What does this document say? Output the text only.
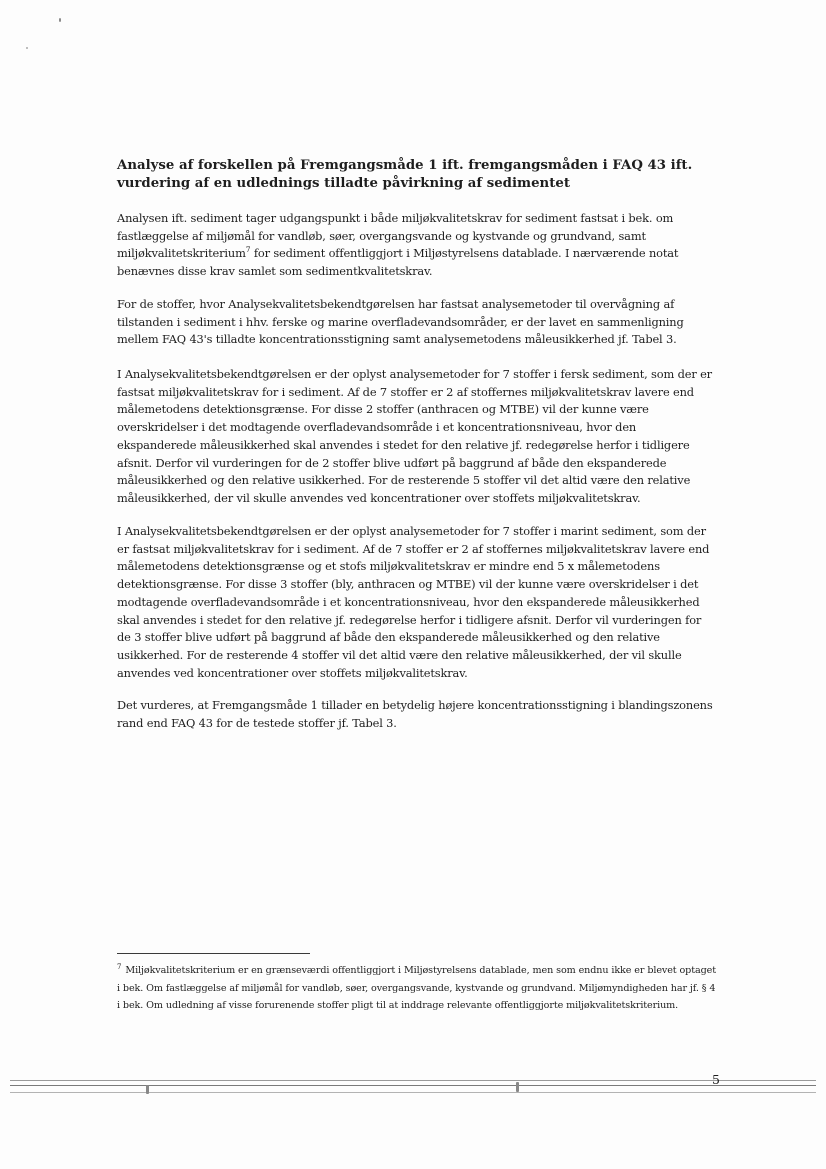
Analyse af forskellen på Fremgangsmåde 1 ift. fremgangsmåden i FAQ 43 ift. vurdering af en udlednings tilladte påvirkning af sedimentet

Analysen ift. sediment tager udgangspunkt i både miljøkvalitetskrav for sediment fastsat i bek. om fastlæggelse af miljømål for vandløb, søer, overgangsvande og kystvande og grundvand, samt miljøkvalitetskriterium$^7$ for sediment offentliggjort i Miljøstyrelsens datablade. I nærværende notat benævnes disse krav samlet som sedimentkvalitetskrav.

For de stoffer, hvor Analysekvalitetsbekendtgørelsen har fastsat analysemetoder til overvågning af tilstanden i sediment i hhv. ferske og marine overfladevandsområder, er der lavet en sammenligning mellem FAQ 43's tilladte koncentrationsstigning samt analysemetodens måleusikkerhed jf. Tabel 3.

I Analysekvalitetsbekendtgørelsen er der oplyst analysemetoder for 7 stoffer i fersk sediment, som der er fastsat miljøkvalitetskrav for i sediment. Af de 7 stoffer er 2 af stoffernes miljøkvalitetskrav lavere end målemetodens detektionsgrænse. For disse 2 stoffer (anthracen og MTBE) vil der kunne være overskridelser i det modtagende overfladevandsområde i et koncentrationsniveau, hvor den ekspanderede måleusikkerhed skal anvendes i stedet for den relative jf. redegørelse herfor i tidligere afsnit. Derfor vil vurderingen for de 2 stoffer blive udført på baggrund af både den ekspanderede måleusikkerhed og den relative usikkerhed. For de resterende 5 stoffer vil det altid være den relative måleusikkerhed, der vil skulle anvendes ved koncentrationer over stoffets miljøkvalitetskrav.

I Analysekvalitetsbekendtgørelsen er der oplyst analysemetoder for 7 stoffer i marint sediment, som der er fastsat miljøkvalitetskrav for i sediment. Af de 7 stoffer er 2 af stoffernes miljøkvalitetskrav lavere end målemetodens detektionsgrænse og et stofs miljøkvalitetskrav er mindre end 5 x målemetodens detektionsgrænse. For disse 3 stoffer (bly, anthracen og MTBE) vil der kunne være overskridelser i det modtagende overfladevandsområde i et koncentrationsniveau, hvor den ekspanderede måleusikkerhed skal anvendes i stedet for den relative jf. redegørelse herfor i tidligere afsnit. Derfor vil vurderingen for de 3 stoffer blive udført på baggrund af både den ekspanderede måleusikkerhed og den relative usikkerhed. For de resterende 4 stoffer vil det altid være den relative måleusikkerhed, der vil skulle anvendes ved koncentrationer over stoffets miljøkvalitetskrav.

Det vurderes, at Fremgangsmåde 1 tillader en betydelig højere koncentrationsstigning i blandingszonens rand end FAQ 43 for de testede stoffer jf. Tabel 3.

$^7$ Miljøkvalitetskriterium er en grænseværdi offentliggjort i Miljøstyrelsens datablade, men som endnu ikke er blevet optaget i bek. Om fastlæggelse af miljømål for vandløb, søer, overgangsvande, kystvande og grundvand. Miljømyndigheden har jf. § 4 i bek. Om udledning af visse forurenende stoffer pligt til at inddrage relevante offentliggjorte miljøkvalitetskriterium.

5
